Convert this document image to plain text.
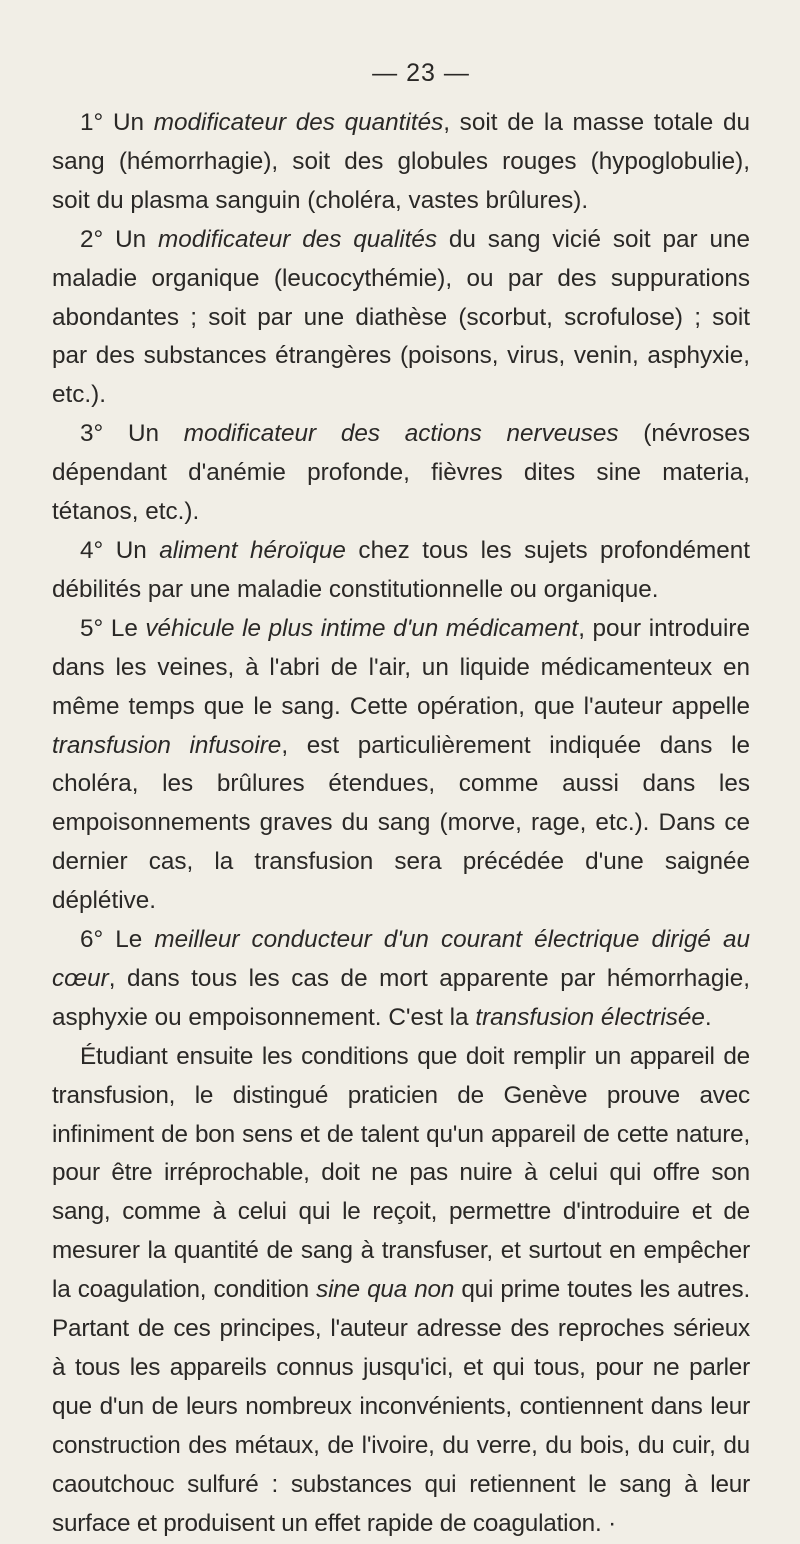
— 23 —

1° Un modificateur des quantités, soit de la masse totale du sang (hémorrhagie), soit des globules rouges (hypoglobulie), soit du plasma sanguin (choléra, vastes brûlures).

2° Un modificateur des qualités du sang vicié soit par une maladie organique (leucocythémie), ou par des suppurations abondantes ; soit par une diathèse (scorbut, scrofulose) ; soit par des substances étrangères (poisons, virus, venin, asphyxie, etc.).

3° Un modificateur des actions nerveuses (névroses dépendant d'anémie profonde, fièvres dites sine materia, tétanos, etc.).

4° Un aliment héroïque chez tous les sujets profondément débilités par une maladie constitutionnelle ou organique.

5° Le véhicule le plus intime d'un médicament, pour introduire dans les veines, à l'abri de l'air, un liquide médicamenteux en même temps que le sang. Cette opération, que l'auteur appelle transfusion infusoire, est particulièrement indiquée dans le choléra, les brûlures étendues, comme aussi dans les empoisonnements graves du sang (morve, rage, etc.). Dans ce dernier cas, la transfusion sera précédée d'une saignée déplétive.

6° Le meilleur conducteur d'un courant électrique dirigé au cœur, dans tous les cas de mort apparente par hémorrhagie, asphyxie ou empoisonnement. C'est la transfusion électrisée.

Étudiant ensuite les conditions que doit remplir un appareil de transfusion, le distingué praticien de Genève prouve avec infiniment de bon sens et de talent qu'un appareil de cette nature, pour être irréprochable, doit ne pas nuire à celui qui offre son sang, comme à celui qui le reçoit, permettre d'introduire et de mesurer la quantité de sang à transfuser, et surtout en empêcher la coagulation, condition sine qua non qui prime toutes les autres. Partant de ces principes, l'auteur adresse des reproches sérieux à tous les appareils connus jusqu'ici, et qui tous, pour ne parler que d'un de leurs nombreux inconvénients, contiennent dans leur construction des métaux, de l'ivoire, du verre, du bois, du cuir, du caoutchouc sulfuré : substances qui retiennent le sang à leur surface et produisent un effet rapide de coagulation. ·
